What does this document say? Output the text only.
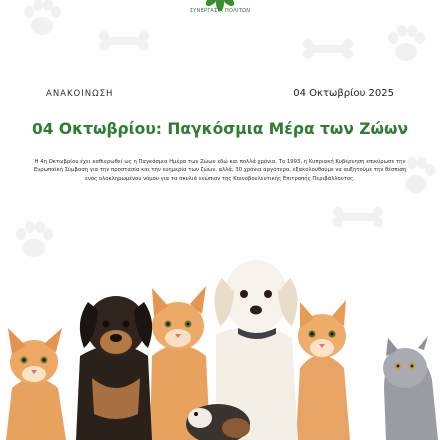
ΣΥΝΕΡΓΑΣΙΑ ΠΟΛΙΤΩΝ
ΑΝΑΚΟΙΝΩΣΗ	04 Οκτωβρίου 2025
04 Οκτωβρίου: Παγκόσμια Μέρα των Ζώων
Η 4η Οκτωβρίου έχει καθιερωθεί ως η Παγκόσμια Ημέρα των Ζώων εδώ και πολλά χρόνια. Το 1993, η Κυπριακή Κυβέρνηση επικύρωσε την Ευρωπαϊκή Σύμβαση για την προστασία και την ευημερία των ζώων, αλλά, 30 χρόνια αργότερα, εξακολουθούμε να αυξητούμε την θέσπιση ενός ολοκληρωμένου νόμου για τα σκυλιά ενώπιον της Κοινοβουλευτικής Επιτροπής Περιβάλλοντος.
